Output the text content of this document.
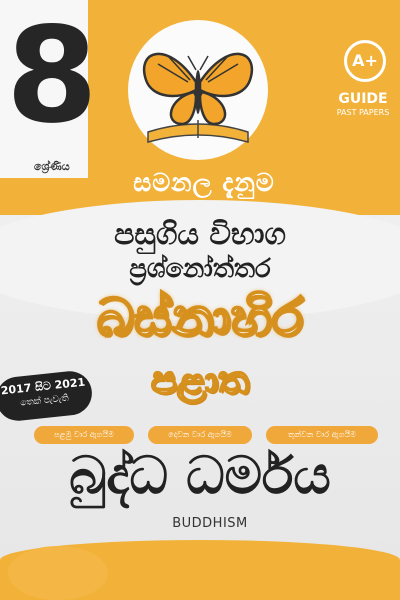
8
ශ්‍රේණිය
A+
GUIDE
PAST PAPERS
සමනල දැනුම
පසුගිය විභාග
ප්‍රශ්නෝත්තර
බස්නාහිර
පළාත
2017 සිට 2021
තෙක් පැවැති
පළමු වාර ඇගයීම	දෙවන වාර ඇගයීම	තුන්වන වාර ඇගයීම
බුද්ධ ධර්මය
BUDDHISM
